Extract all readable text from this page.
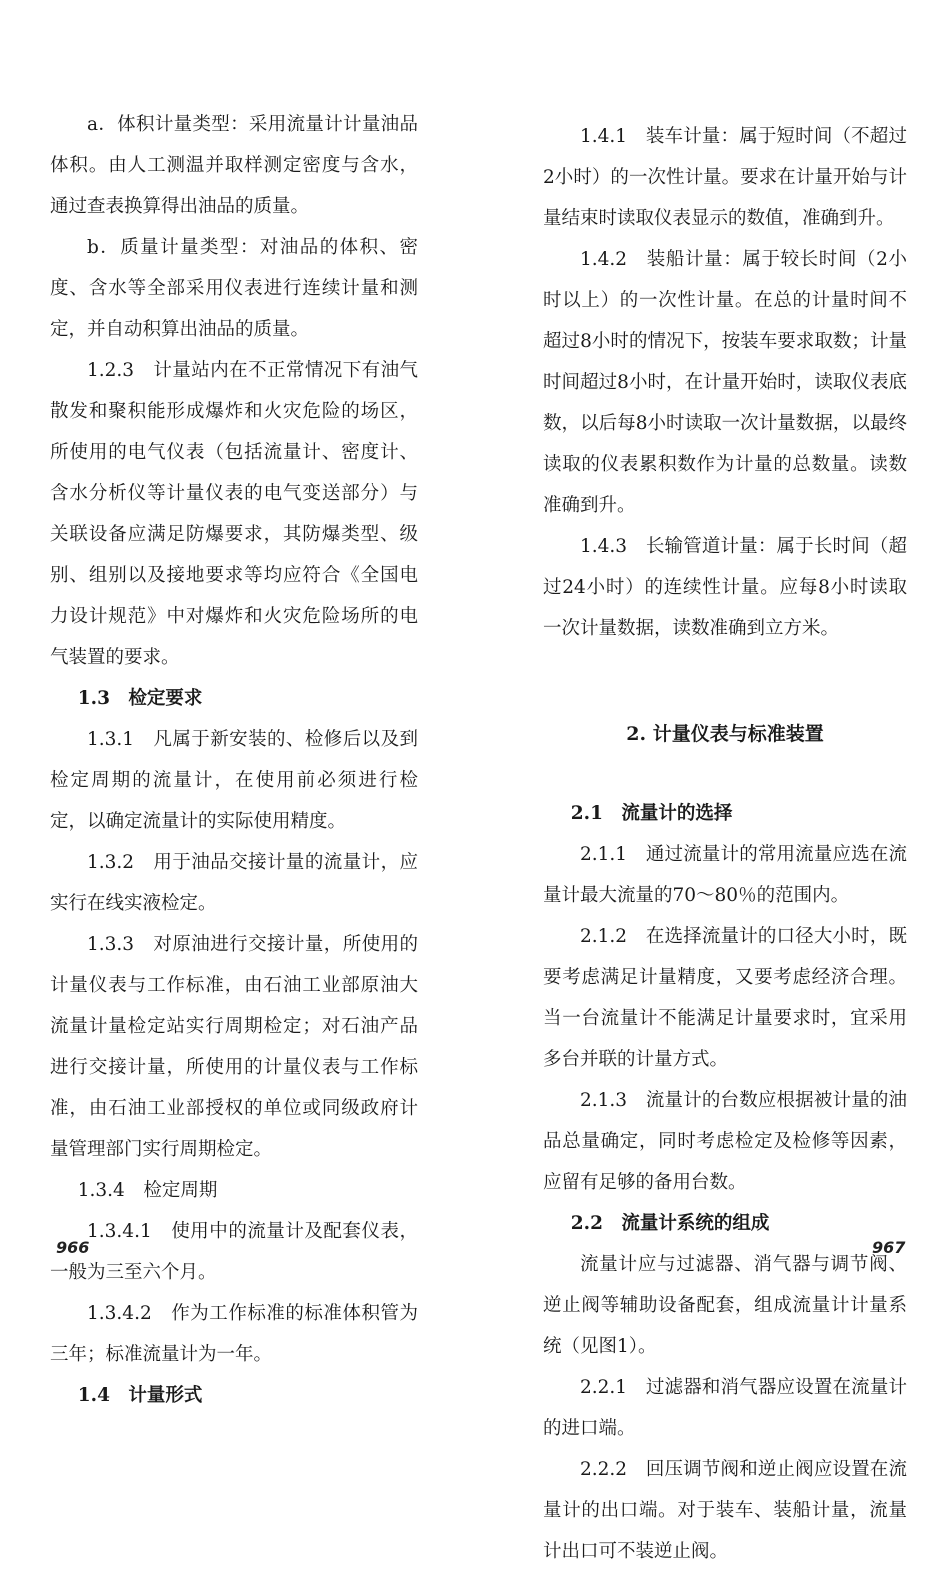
a．体积计量类型：采用流量计计量油品体积。由人工测温并取样测定密度与含水，通过查表换算得出油品的质量。

b．质量计量类型：对油品的体积、密度、含水等全部采用仪表进行连续计量和测定，并自动积算出油品的质量。

1.2.3　计量站内在不正常情况下有油气散发和聚积能形成爆炸和火灾危险的场区，所使用的电气仪表（包括流量计、密度计、含水分析仪等计量仪表的电气变送部分）与关联设备应满足防爆要求，其防爆类型、级别、组别以及接地要求等均应符合《全国电力设计规范》中对爆炸和火灾危险场所的电气装置的要求。

1.3　检定要求

1.3.1　凡属于新安装的、检修后以及到检定周期的流量计，在使用前必须进行检定，以确定流量计的实际使用精度。

1.3.2　用于油品交接计量的流量计，应实行在线实液检定。

1.3.3　对原油进行交接计量，所使用的计量仪表与工作标准，由石油工业部原油大流量计量检定站实行周期检定；对石油产品进行交接计量，所使用的计量仪表与工作标准，由石油工业部授权的单位或同级政府计量管理部门实行周期检定。

1.3.4　检定周期

1.3.4.1　使用中的流量计及配套仪表，一般为三至六个月。

1.3.4.2　作为工作标准的标准体积管为三年；标准流量计为一年。

1.4　计量形式

1.4.1　装车计量：属于短时间（不超过2小时）的一次性计量。要求在计量开始与计量结束时读取仪表显示的数值，准确到升。

1.4.2　装船计量：属于较长时间（2小时以上）的一次性计量。在总的计量时间不超过8小时的情况下，按装车要求取数；计量时间超过8小时，在计量开始时，读取仪表底数，以后每8小时读取一次计量数据，以最终读取的仪表累积数作为计量的总数量。读数准确到升。

1.4.3　长输管道计量：属于长时间（超过24小时）的连续性计量。应每8小时读取一次计量数据，读数准确到立方米。

2. 计量仪表与标准装置

2.1　流量计的选择

2.1.1　通过流量计的常用流量应选在流量计最大流量的70～80％的范围内。

2.1.2　在选择流量计的口径大小时，既要考虑满足计量精度，又要考虑经济合理。当一台流量计不能满足计量要求时，宜采用多台并联的计量方式。

2.1.3　流量计的台数应根据被计量的油品总量确定，同时考虑检定及检修等因素，应留有足够的备用台数。

2.2　流量计系统的组成

流量计应与过滤器、消气器与调节阀、逆止阀等辅助设备配套，组成流量计计量系统（见图1）。

2.2.1　过滤器和消气器应设置在流量计的进口端。

2.2.2　回压调节阀和逆止阀应设置在流量计的出口端。对于装车、装船计量，流量计出口可不装逆止阀。

966	967
